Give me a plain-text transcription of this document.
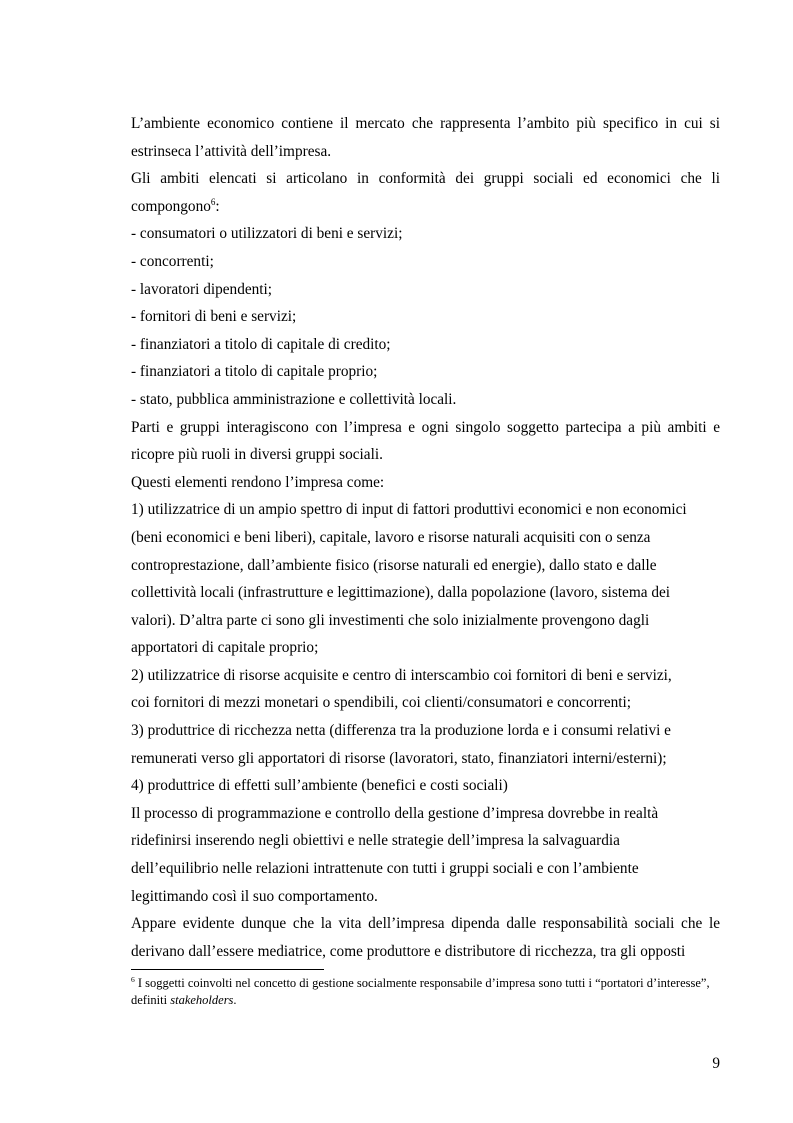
L’ambiente economico contiene il mercato che rappresenta l’ambito più specifico in cui si estrinseca l’attività dell’impresa.

Gli ambiti elencati si articolano in conformità dei gruppi sociali ed economici che li compongono$^6$:

- consumatori o utilizzatori di beni e servizi;

- concorrenti;

- lavoratori dipendenti;

- fornitori di beni e servizi;

- finanziatori a titolo di capitale di credito;

- finanziatori a titolo di capitale proprio;

- stato, pubblica amministrazione e collettività locali.

Parti e gruppi interagiscono con l’impresa e ogni singolo soggetto partecipa a più ambiti e ricopre più ruoli in diversi gruppi sociali.

Questi elementi rendono l’impresa come:

1) utilizzatrice di un ampio spettro di input di fattori produttivi economici e non economici

(beni economici e beni liberi), capitale, lavoro e risorse naturali acquisiti con o senza

controprestazione, dall’ambiente fisico (risorse naturali ed energie), dallo stato e dalle

collettività locali (infrastrutture e legittimazione), dalla popolazione (lavoro, sistema dei

valori). D’altra parte ci sono gli investimenti che solo inizialmente provengono dagli

apportatori di capitale proprio;

2) utilizzatrice di risorse acquisite e centro di interscambio coi fornitori di beni e servizi,

coi fornitori di mezzi monetari o spendibili, coi clienti/consumatori e concorrenti;

3) produttrice di ricchezza netta (differenza tra la produzione lorda e i consumi relativi e

remunerati verso gli apportatori di risorse (lavoratori, stato, finanziatori interni/esterni);

4) produttrice di effetti sull’ambiente (benefici e costi sociali)

Il processo di programmazione e controllo della gestione d’impresa dovrebbe in realtà

ridefinirsi inserendo negli obiettivi e nelle strategie dell’impresa la salvaguardia

dell’equilibrio nelle relazioni intrattenute con tutti i gruppi sociali e con l’ambiente

legittimando così il suo comportamento.

Appare evidente dunque che la vita dell’impresa dipenda dalle responsabilità sociali che le derivano dall’essere mediatrice, come produttore e distributore di ricchezza, tra gli opposti

$^6$ I soggetti coinvolti nel concetto di gestione socialmente responsabile d’impresa sono tutti i “portatori d’interesse”, definiti stakeholders.
9
